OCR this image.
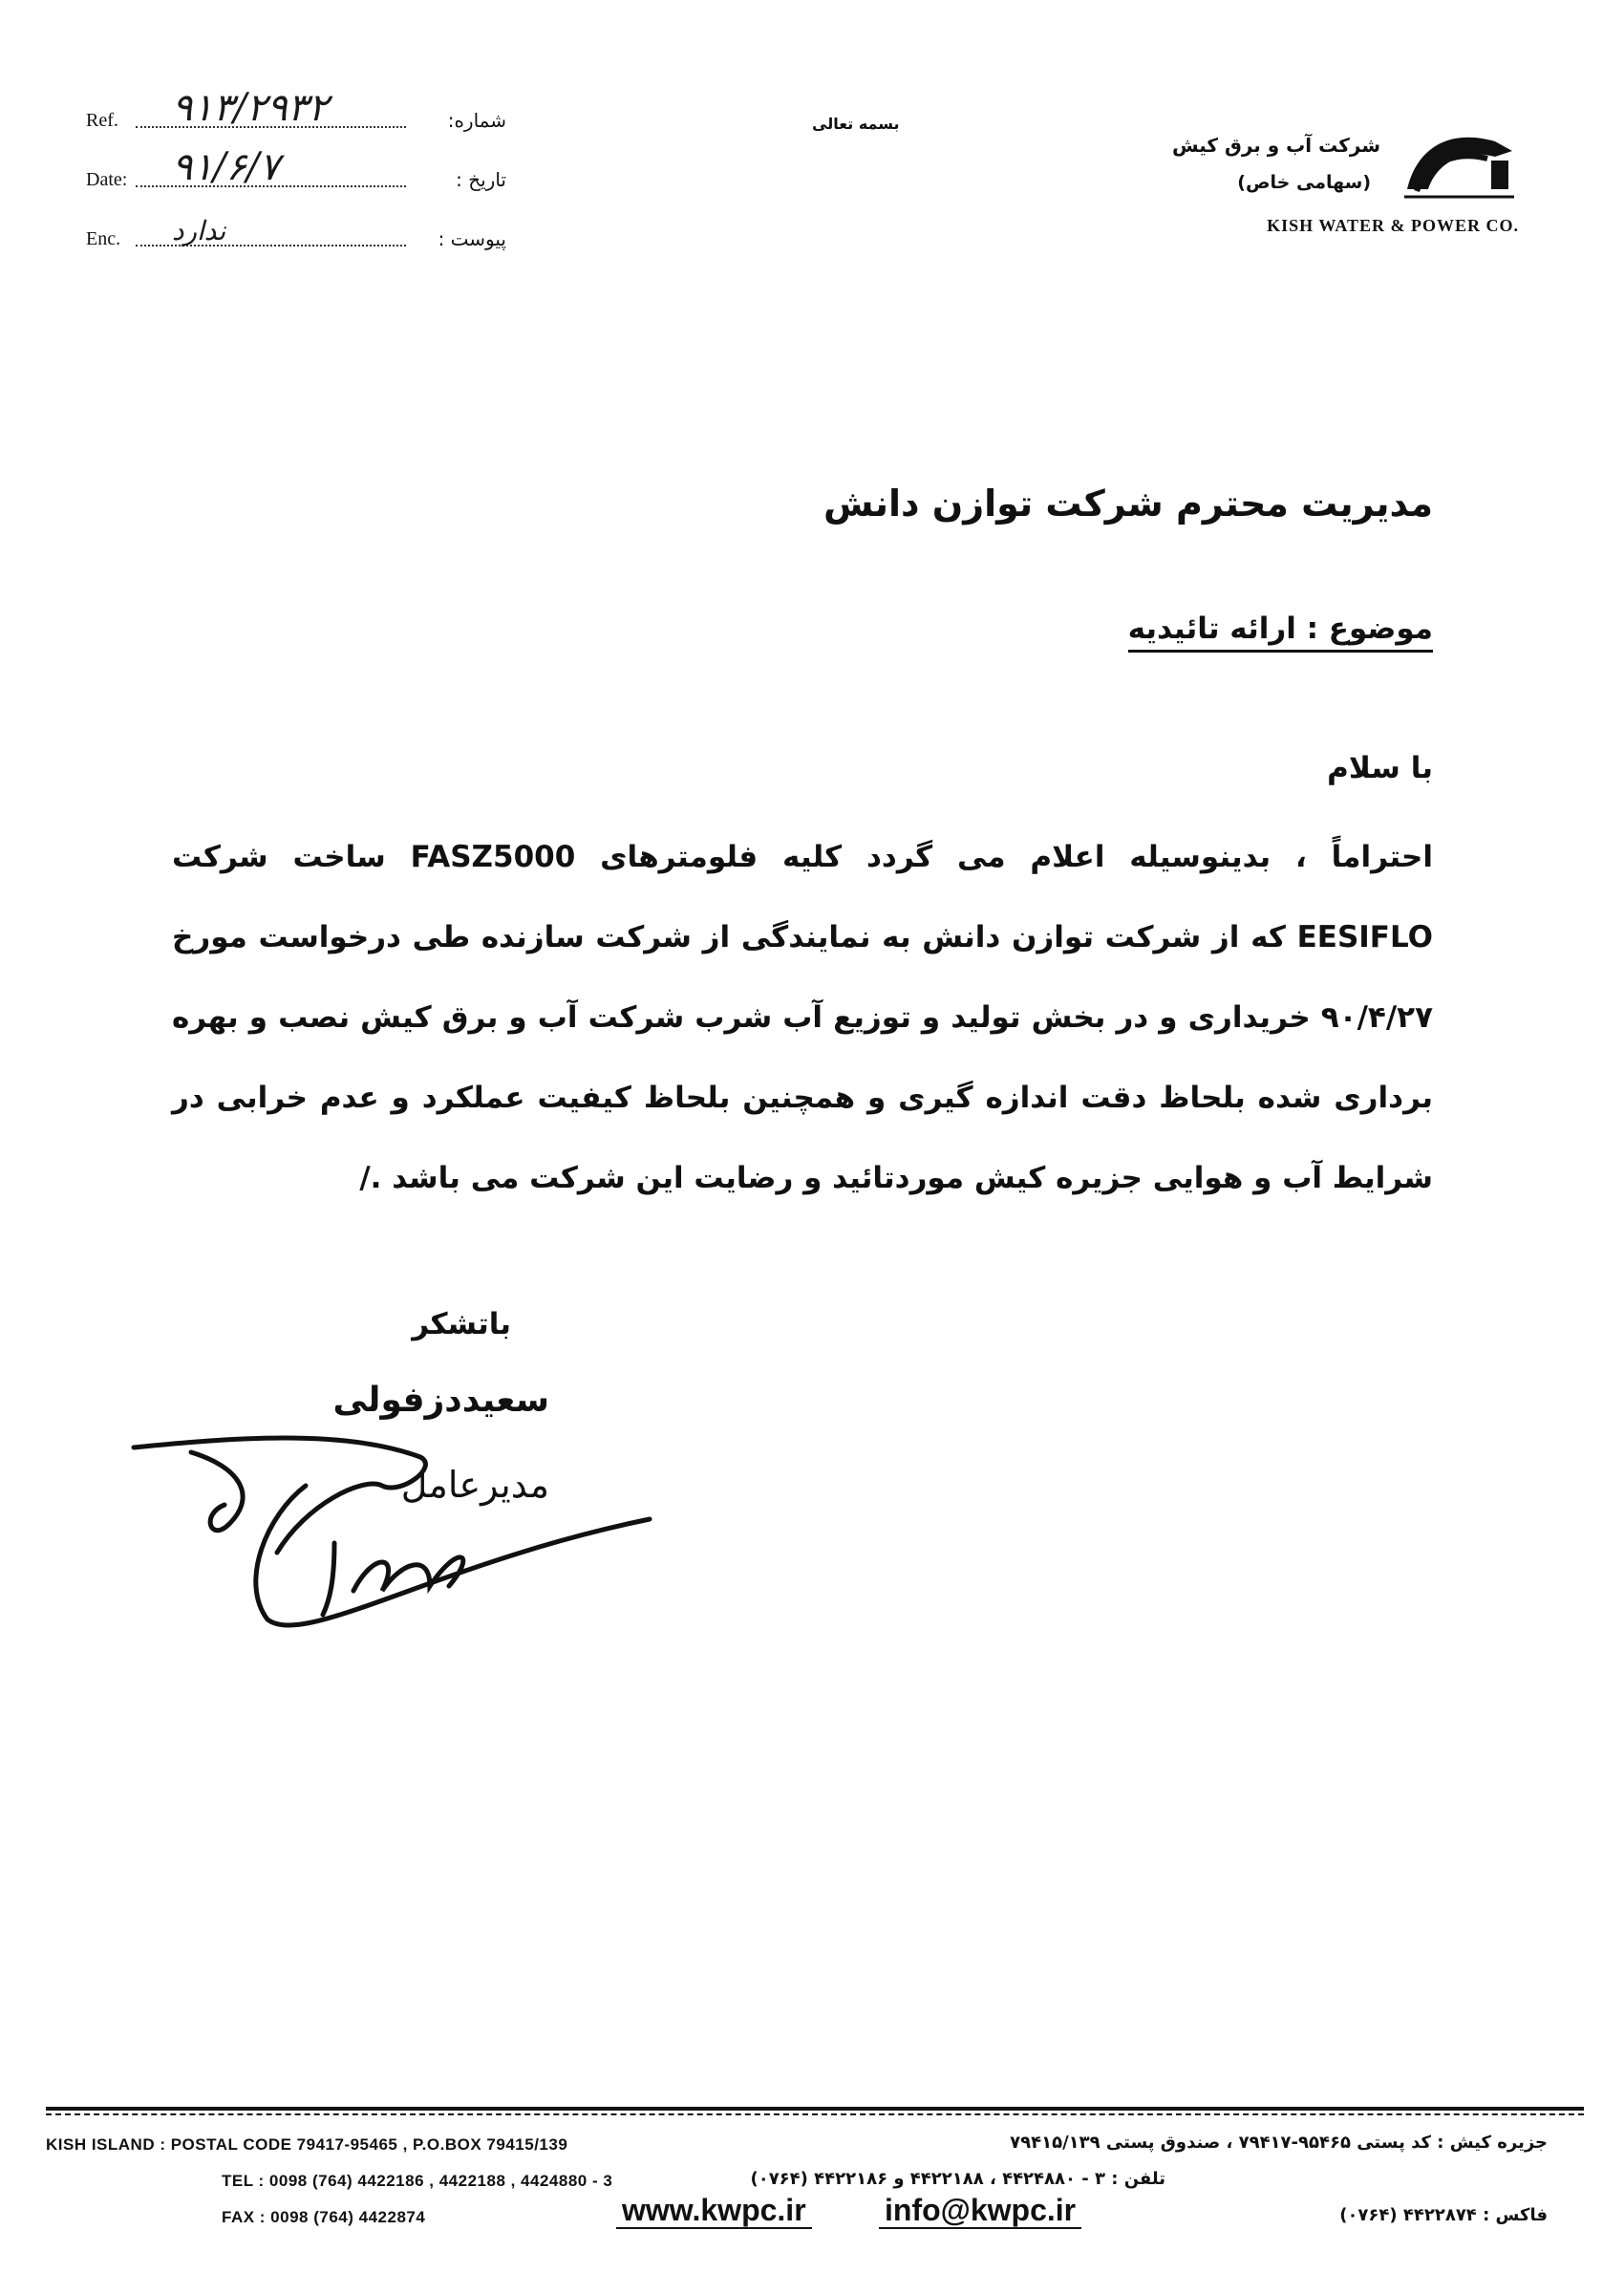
Ref. ۹۱۳/۲۹۳۲	شماره:
Date: ۹۱/۶/۷	تاریخ :
Enc. ندارد	پیوست :
بسمه تعالی
شرکت آب و برق کیش
(سهامی خاص)
KISH WATER & POWER CO.
مدیریت محترم شرکت توازن دانش
موضوع : ارائه تائیدیه
با سلام
احتراماً ، بدینوسیله اعلام می گردد کلیه فلومترهای FASZ5000 ساخت شرکت EESIFLO که از شرکت توازن دانش به نمایندگی از شرکت سازنده طی درخواست مورخ ۹۰/۴/۲۷ خریداری و در بخش تولید و توزیع آب شرب شرکت آب و برق کیش نصب و بهره برداری شده بلحاظ دقت اندازه گیری و همچنین بلحاظ کیفیت عملکرد و عدم خرابی در شرایط آب و هوایی جزیره کیش موردتائید و رضایت این شرکت می باشد ./
باتشکر
سعیددزفولی
مدیرعامل
KISH ISLAND : POSTAL CODE 79417-95465 , P.O.BOX 79415/139
TEL : 0098 (764) 4422186 , 4422188 , 4424880 - 3
FAX : 0098 (764) 4422874	www.kwpc.ir
جزیره کیش : کد پستی ۹۵۴۶۵-۷۹۴۱۷ ، صندوق پستی ۷۹۴۱۵/۱۳۹
تلفن : ۳ - ۴۴۲۴۸۸۰ ، ۴۴۲۲۱۸۸ و ۴۴۲۲۱۸۶ (۰۷۶۴)
فاکس : ۴۴۲۲۸۷۴ (۰۷۶۴)
info@kwpc.ir
